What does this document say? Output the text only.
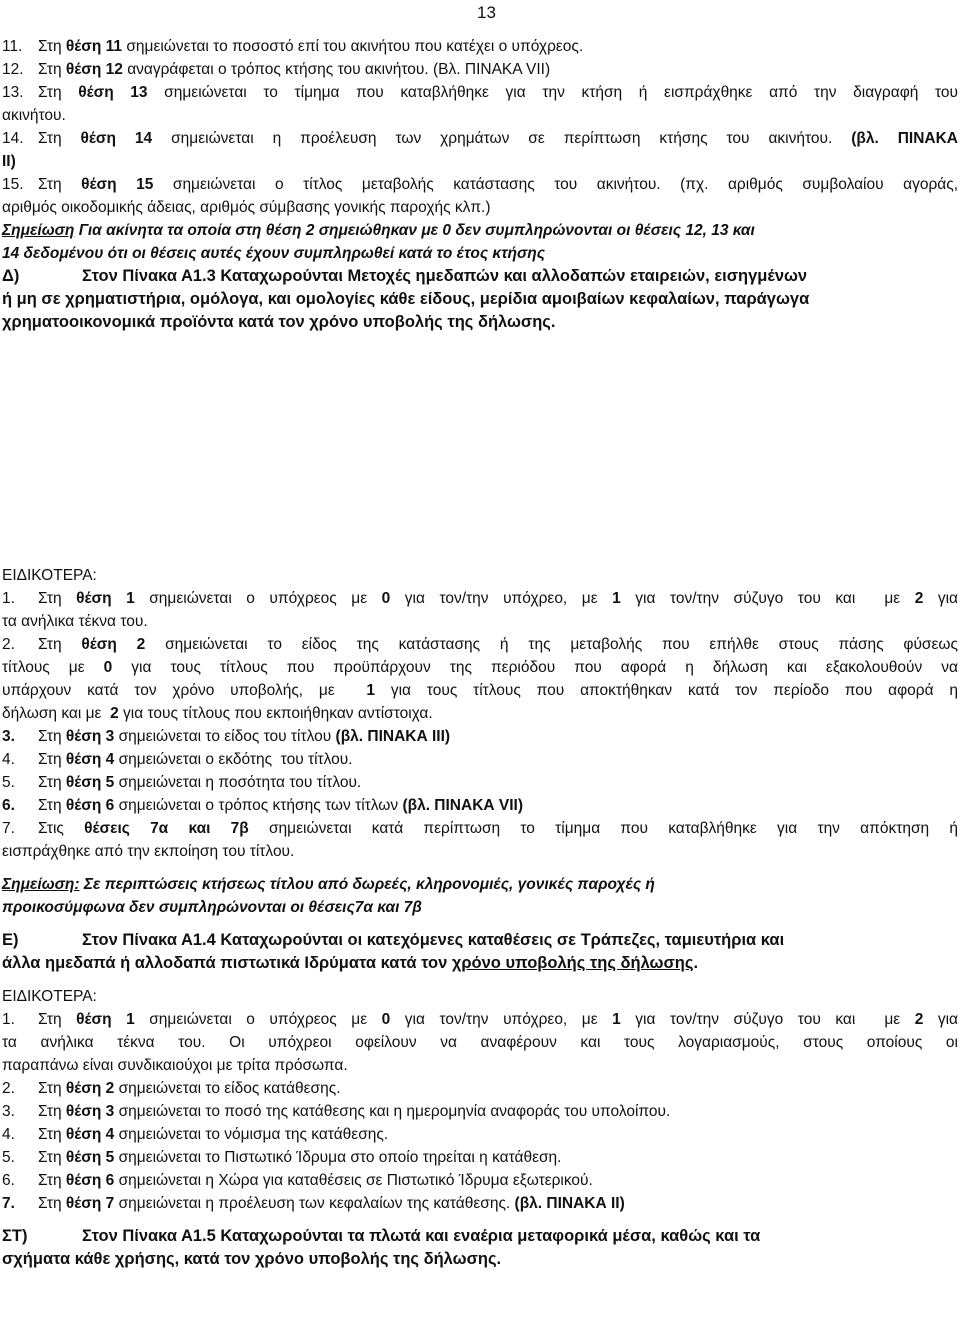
13

11. Στη θέση 11 σημειώνεται το ποσοστό επί του ακινήτου που κατέχει ο υπόχρεος.

12. Στη θέση 12 αναγράφεται ο τρόπος κτήσης του ακινήτου. (Βλ. ΠΙΝΑΚΑ VII)

13. Στη θέση 13 σημειώνεται το τίμημα που καταβλήθηκε για την κτήση ή εισπράχθηκε από την διαγραφή του

ακινήτου.

14. Στη θέση 14 σημειώνεται η προέλευση των χρημάτων σε περίπτωση κτήσης του ακινήτου. (βλ. ΠΙΝΑΚΑ

II)

15. Στη θέση 15 σημειώνεται ο τίτλος μεταβολής κατάστασης του ακινήτου. (πχ. αριθμός συμβολαίου αγοράς,

αριθμός οικοδομικής άδειας, αριθμός σύμβασης γονικής παροχής κλπ.)

Σημείωση Για ακίνητα τα οποία στη θέση 2 σημειώθηκαν με 0 δεν συμπληρώνονται οι θέσεις 12, 13 και

14 δεδομένου ότι οι θέσεις αυτές έχουν συμπληρωθεί κατά το έτος κτήσης

Δ)	Στον Πίνακα Α1.3 Καταχωρούνται Μετοχές ημεδαπών και αλλοδαπών εταιρειών, εισηγμένων

ή μη σε χρηματιστήρια, ομόλογα, και ομολογίες κάθε είδους, μερίδια αμοιβαίων κεφαλαίων, παράγωγα

χρηματοοικονομικά προϊόντα κατά τον χρόνο υποβολής της δήλωσης.

ΕΙΔΙΚΟΤΕΡΑ:

1. Στη θέση 1 σημειώνεται ο υπόχρεος με 0 για τον/την υπόχρεο, με 1 για τον/την σύζυγο του και  με 2 για

τα ανήλικα τέκνα του.

2. Στη θέση 2 σημειώνεται το είδος της κατάστασης ή της μεταβολής που επήλθε στους πάσης φύσεως

τίτλους με 0 για τους τίτλους που προϋπάρχουν της περιόδου που αφορά η δήλωση και εξακολουθούν να

υπάρχουν κατά τον χρόνο υποβολής, με  1 για τους τίτλους που αποκτήθηκαν κατά τον περίοδο που αφορά η

δήλωση και με  2 για τους τίτλους που εκποιήθηκαν αντίστοιχα.

3. Στη θέση 3 σημειώνεται το είδος του τίτλου (βλ. ΠΙΝΑΚΑ III)

4. Στη θέση 4 σημειώνεται ο εκδότης  του τίτλου.

5. Στη θέση 5 σημειώνεται η ποσότητα του τίτλου.

6. Στη θέση 6 σημειώνεται ο τρόπος κτήσης των τίτλων (βλ. ΠΙΝΑΚΑ VII)

7. Στις θέσεις 7α και 7β σημειώνεται κατά περίπτωση το τίμημα που καταβλήθηκε για την απόκτηση ή

εισπράχθηκε από την εκποίηση του τίτλου.

Σημείωση: Σε περιπτώσεις κτήσεως τίτλου από δωρεές, κληρονομιές, γονικές παροχές ή

προικοσύμφωνα δεν συμπληρώνονται οι θέσεις7α και 7β

Ε)	Στον Πίνακα Α1.4 Καταχωρούνται οι κατεχόμενες καταθέσεις σε Τράπεζες, ταμιευτήρια και

άλλα ημεδαπά ή αλλοδαπά πιστωτικά Ιδρύματα κατά τον χρόνο υποβολής της δήλωσης.

ΕΙΔΙΚΟΤΕΡΑ:

1. Στη θέση 1 σημειώνεται ο υπόχρεος με 0 για τον/την υπόχρεο, με 1 για τον/την σύζυγο του και  με 2 για

τα ανήλικα τέκνα του. Οι υπόχρεοι οφείλουν να αναφέρουν και τους λογαριασμούς, στους οποίους οι

παραπάνω είναι συνδικαιούχοι με τρίτα πρόσωπα.

2. Στη θέση 2 σημειώνεται το είδος κατάθεσης.

3. Στη θέση 3 σημειώνεται το ποσό της κατάθεσης και η ημερομηνία αναφοράς του υπολοίπου.

4. Στη θέση 4 σημειώνεται το νόμισμα της κατάθεσης.

5. Στη θέση 5 σημειώνεται το Πιστωτικό Ίδρυμα στο οποίο τηρείται η κατάθεση.

6. Στη θέση 6 σημειώνεται η Χώρα για καταθέσεις σε Πιστωτικό Ίδρυμα εξωτερικού.

7. Στη θέση 7 σημειώνεται η προέλευση των κεφαλαίων της κατάθεσης. (βλ. ΠΙΝΑΚΑ II)

ΣΤ)	Στον Πίνακα Α1.5 Καταχωρούνται τα πλωτά και εναέρια μεταφορικά μέσα, καθώς και τα

σχήματα κάθε χρήσης, κατά τον χρόνο υποβολής της δήλωσης.
